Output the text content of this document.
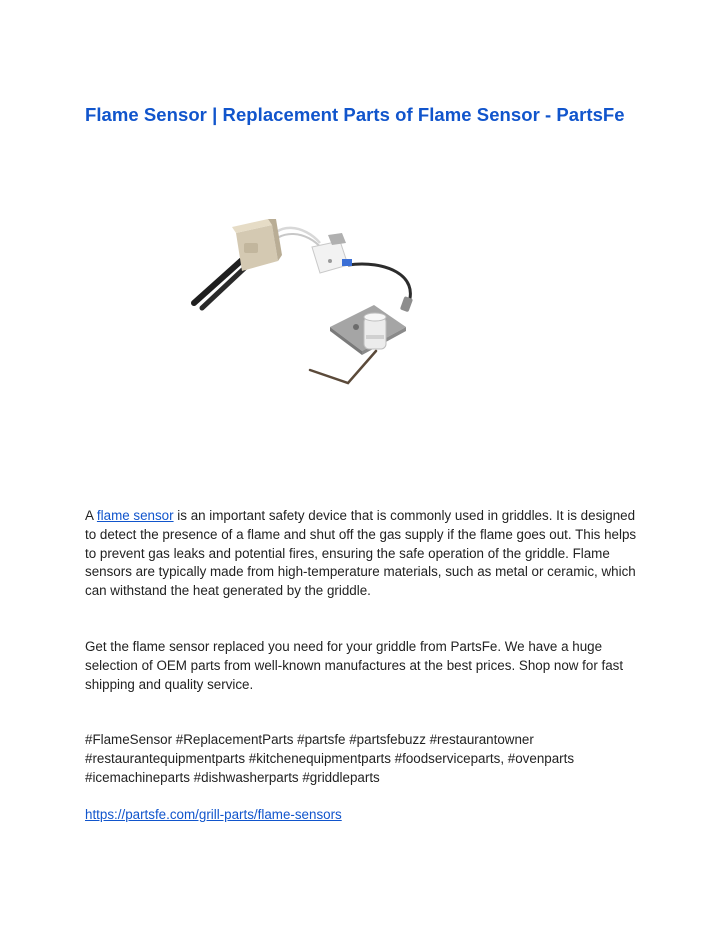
Flame Sensor | Replacement Parts of Flame Sensor - PartsFe

A flame sensor is an important safety device that is commonly used in griddles. It is designed to detect the presence of a flame and shut off the gas supply if the flame goes out. This helps to prevent gas leaks and potential fires, ensuring the safe operation of the griddle. Flame sensors are typically made from high-temperature materials, such as metal or ceramic, which can withstand the heat generated by the griddle.

Get the flame sensor replaced you need for your griddle from PartsFe. We have a huge selection of OEM parts from well-known manufactures at the best prices. Shop now for fast shipping and quality service.

#FlameSensor #ReplacementParts #partsfe #partsfebuzz #restaurantowner #restaurantequipmentparts #kitchenequipmentparts #foodserviceparts, #ovenparts #icemachineparts #dishwasherparts #griddleparts

https://partsfe.com/grill-parts/flame-sensors
